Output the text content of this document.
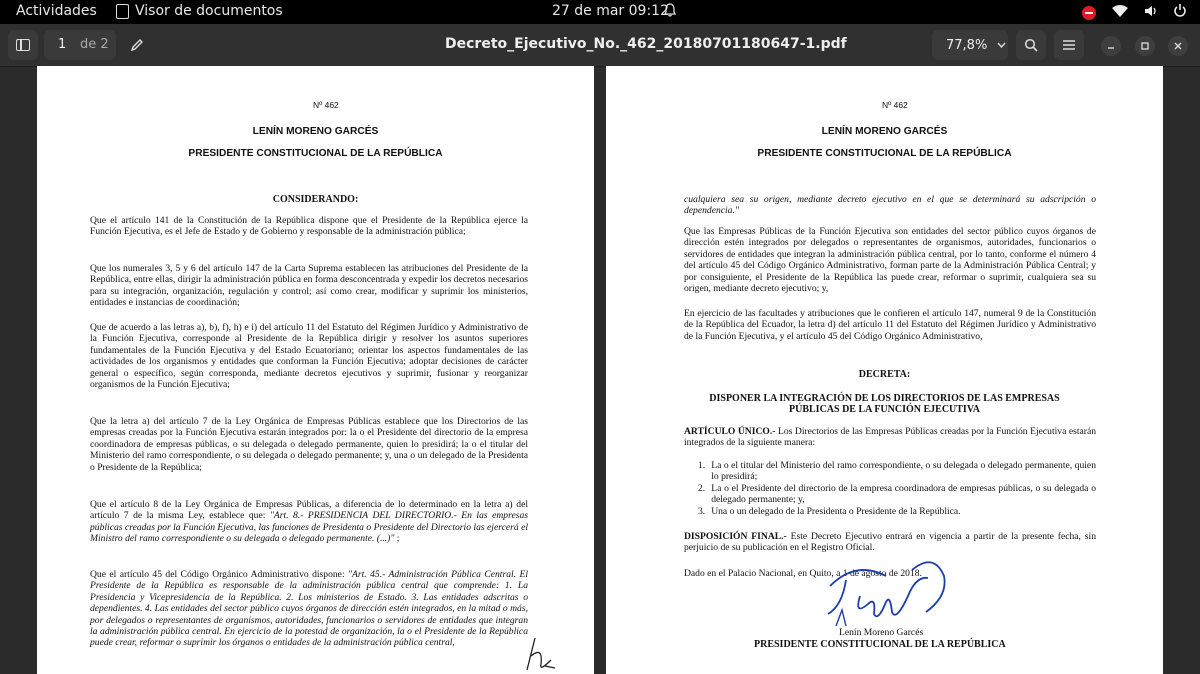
Actividades	Visor de documentos	27 de mar 09:12
1 de 2	Decreto_Ejecutivo_No._462_20180701180647-1.pdf	77,8%
Nº 462
LENÍN MORENO GARCÉS
PRESIDENTE CONSTITUCIONAL DE LA REPÚBLICA
CONSIDERANDO:

Que el artículo 141 de la Constitución de la República dispone que el Presidente de la República ejerce la Función Ejecutiva, es el Jefe de Estado y de Gobierno y responsable de la administración pública;

Que los numerales 3, 5 y 6 del artículo 147 de la Carta Suprema establecen las atribuciones del Presidente de la República, entre ellas, dirigir la administración pública en forma desconcentrada y expedir los decretos necesarios para su integración, organización, regulación y control; así como crear, modificar y suprimir los ministerios, entidades e instancias de coordinación;

Que de acuerdo a las letras a), b), f), h) e i) del artículo 11 del Estatuto del Régimen Jurídico y Administrativo de la Función Ejecutiva, corresponde al Presidente de la República dirigir y resolver los asuntos superiores fundamentales de la Función Ejecutiva y del Estado Ecuatoriano; orientar los aspectos fundamentales de las actividades de los organismos y entidades que conforman la Función Ejecutiva; adoptar decisiones de carácter general o específico, según corresponda, mediante decretos ejecutivos y suprimir, fusionar y reorganizar organismos de la Función Ejecutiva;

Que la letra a) del artículo 7 de la Ley Orgánica de Empresas Públicas establece que los Directorios de las empresas creadas por la Función Ejecutiva estarán integrados por: la o el Presidente del directorio de la empresa coordinadora de empresas públicas, o su delegada o delegado permanente, quien lo presidirá; la o el titular del Ministerio del ramo correspondiente, o su delegada o delegado permanente; y, una o un delegado de la Presidenta o Presidente de la República;

Que el artículo 8 de la Ley Orgánica de Empresas Públicas, a diferencia de lo determinado en la letra a) del artículo 7 de la misma Ley, establece que: "Art. 8.- PRESIDENCIA DEL DIRECTORIO.- En las empresas públicas creadas por la Función Ejecutiva, las funciones de Presidenta o Presidente del Directorio las ejercerá el Ministro del ramo correspondiente o su delegada o delegado permanente. (...)" ;

Que el artículo 45 del Código Orgánico Administrativo dispone: "Art. 45.- Administración Pública Central. El Presidente de la República es responsable de la administración pública central que comprende: 1. La Presidencia y Vicepresidencia de la República. 2. Los ministerios de Estado. 3. Las entidades adscritas o dependientes. 4. Las entidades del sector público cuyos órganos de dirección estén integrados, en la mitad o más, por delegados o representantes de organismos, autoridades, funcionarios o servidores de entidades que integran la administración pública central. En ejercicio de la potestad de organización, la o el Presidente de la República puede crear, reformar o suprimir los órganos o entidades de la administración pública central,

Nº 462
LENÍN MORENO GARCÉS
PRESIDENTE CONSTITUCIONAL DE LA REPÚBLICA

cualquiera sea su origen, mediante decreto ejecutivo en el que se determinará su adscripción o dependencia."

Que las Empresas Públicas de la Función Ejecutiva son entidades del sector público cuyos órganos de dirección estén integrados por delegados o representantes de organismos, autoridades, funcionarios o servidores de entidades que integran la administración pública central, por lo tanto, conforme el número 4 del artículo 45 del Código Orgánico Administrativo, forman parte de la Administración Pública Central; y por consiguiente, el Presidente de la República las puede crear, reformar o suprimir, cualquiera sea su origen, mediante decreto ejecutivo; y,

En ejercicio de las facultades y atribuciones que le confieren el artículo 147, numeral 9 de la Constitución de la República del Ecuador, la letra d) del artículo 11 del Estatuto del Régimen Jurídico y Administrativo de la Función Ejecutiva, y el artículo 45 del Código Orgánico Administrativo,

DECRETA:
DISPONER LA INTEGRACIÓN DE LOS DIRECTORIOS DE LAS EMPRESAS
PÚBLICAS DE LA FUNCIÓN EJECUTIVA

ARTÍCULO ÚNICO.- Los Directorios de las Empresas Públicas creadas por la Función Ejecutiva estarán integrados de la siguiente manera:

1. La o el titular del Ministerio del ramo correspondiente, o su delegada o delegado permanente, quien lo presidirá;
2. La o el Presidente del directorio de la empresa coordinadora de empresas públicas, o su delegada o delegado permanente; y,
3. Una o un delegado de la Presidenta o Presidente de la República.

DISPOSICIÓN FINAL.- Este Decreto Ejecutivo entrará en vigencia a partir de la presente fecha, sin perjuicio de su publicación en el Registro Oficial.

Dado en el Palacio Nacional, en Quito, a 1 de agosto de 2018.

Lenín Moreno Garcés
PRESIDENTE CONSTITUCIONAL DE LA REPÚBLICA
